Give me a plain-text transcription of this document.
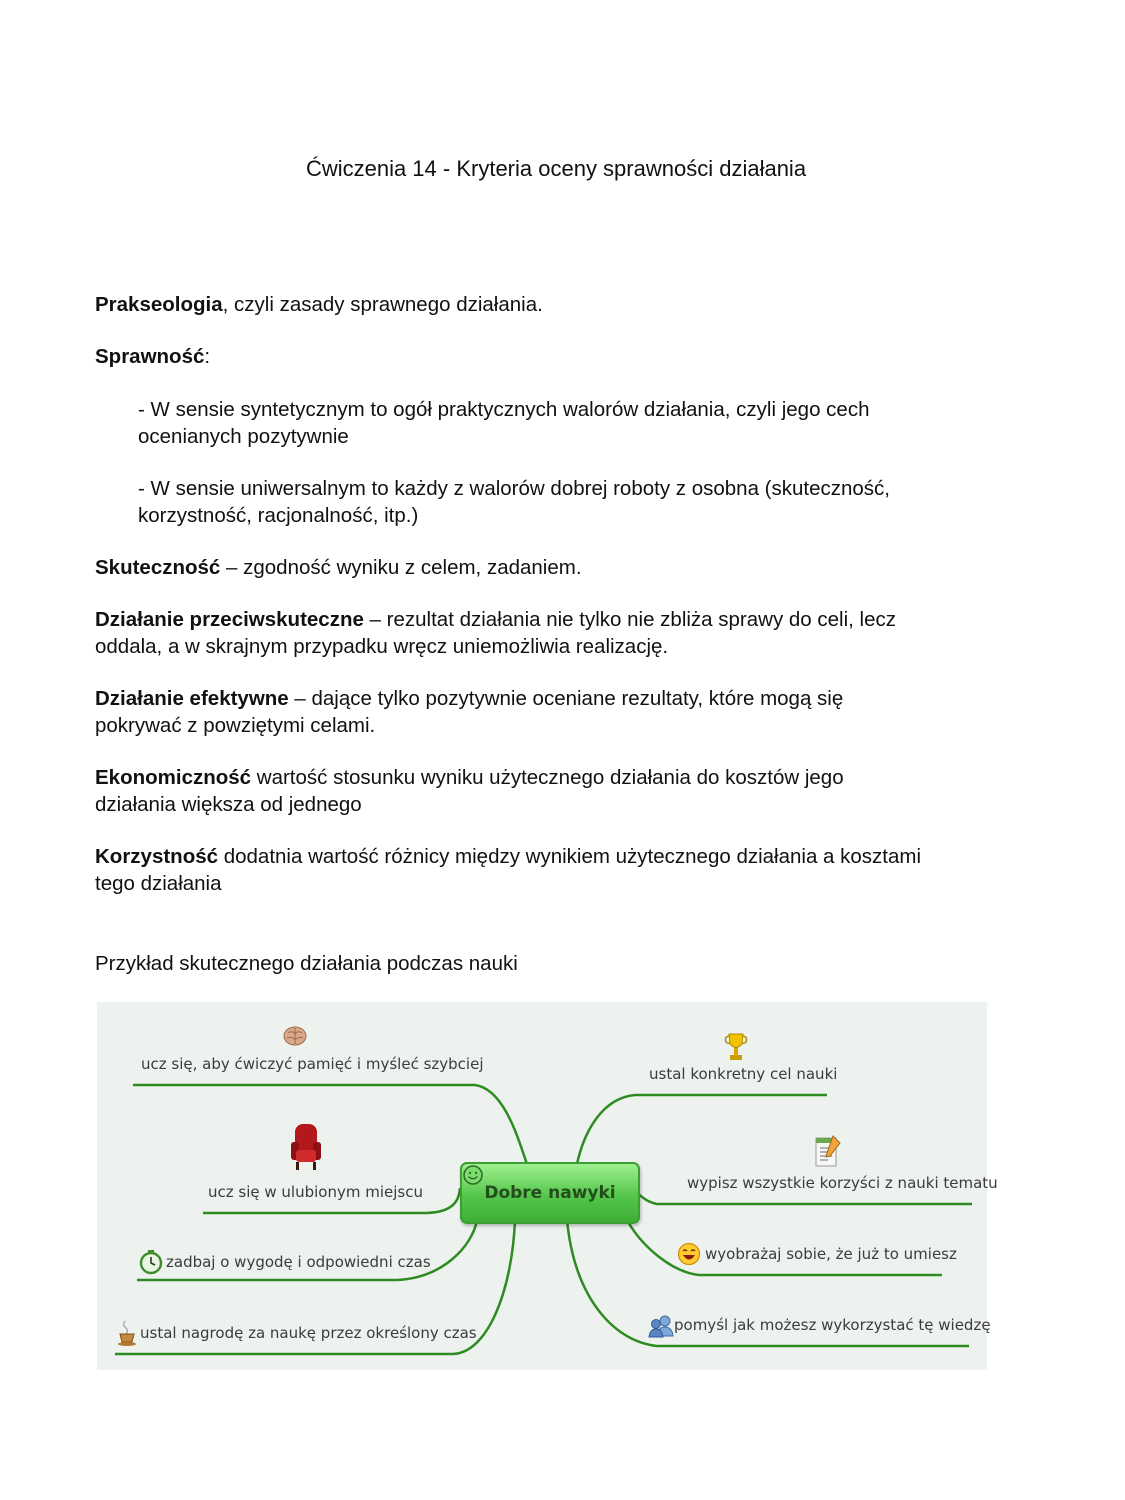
Ćwiczenia 14 - Kryteria oceny sprawności działania

Prakseologia, czyli zasady sprawnego działania.

Sprawność:

- W sensie syntetycznym to ogół praktycznych walorów działania, czyli jego cech
ocenianych pozytywnie

- W sensie uniwersalnym to każdy z walorów dobrej roboty z osobna (skuteczność,
korzystność, racjonalność, itp.)

Skuteczność – zgodność wyniku z celem, zadaniem.

Działanie przeciwskuteczne – rezultat działania nie tylko nie zbliża sprawy do celi, lecz
oddala, a w skrajnym przypadku wręcz uniemożliwia realizację.

Działanie efektywne – dające tylko pozytywnie oceniane rezultaty, które mogą się
pokrywać z powziętymi celami.

Ekonomiczność wartość stosunku wyniku użytecznego działania do kosztów jego
działania większa od jednego

Korzystność dodatnia wartość różnicy między wynikiem użytecznego działania a kosztami
tego działania

Przykład skutecznego działania podczas nauki

ucz się, aby ćwiczyć pamięć i myśleć szybciej
ucz się w ulubionym miejscu
zadbaj o wygodę i odpowiedni czas
ustal nagrodę za naukę przez określony czas
ustal konkretny cel nauki
wypisz wszystkie korzyści z nauki tematu
wyobrażaj sobie, że już to umiesz
pomyśl jak możesz wykorzystać tę wiedzę
Dobre nawyki
